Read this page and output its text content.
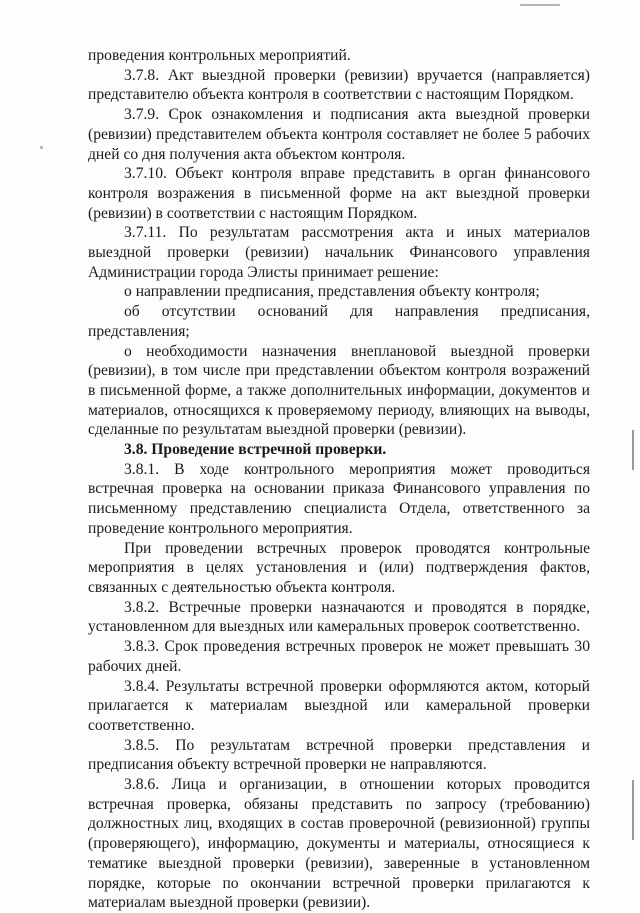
проведения контрольных мероприятий.

3.7.8. Акт выездной проверки (ревизии) вручается (направляется) представителю объекта контроля в соответствии с настоящим Порядком.

3.7.9. Срок ознакомления и подписания акта выездной проверки (ревизии) представителем объекта контроля составляет не более 5 рабочих дней со дня получения акта объектом контроля.

3.7.10. Объект контроля вправе представить в орган финансового контроля возражения в письменной форме на акт выездной проверки (ревизии) в соответствии с настоящим Порядком.

3.7.11. По результатам рассмотрения акта и иных материалов выездной проверки (ревизии) начальник Финансового управления Администрации города Элисты принимает решение:

о направлении предписания, представления объекту контроля;

об отсутствии оснований для направления предписания, представления;

о необходимости назначения внеплановой выездной проверки (ревизии), в том числе при представлении объектом контроля возражений в письменной форме, а также дополнительных информации, документов и материалов, относящихся к проверяемому периоду, влияющих на выводы, сделанные по результатам выездной проверки (ревизии).

3.8. Проведение встречной проверки.

3.8.1. В ходе контрольного мероприятия может проводиться встречная проверка на основании приказа Финансового управления по письменному представлению специалиста Отдела, ответственного за проведение контрольного мероприятия.

При проведении встречных проверок проводятся контрольные мероприятия в целях установления и (или) подтверждения фактов, связанных с деятельностью объекта контроля.

3.8.2. Встречные проверки назначаются и проводятся в порядке, установленном для выездных или камеральных проверок соответственно.

3.8.3. Срок проведения встречных проверок не может превышать 30 рабочих дней.

3.8.4. Результаты встречной проверки оформляются актом, который прилагается к материалам выездной или камеральной проверки соответственно.

3.8.5. По результатам встречной проверки представления и предписания объекту встречной проверки не направляются.

3.8.6. Лица и организации, в отношении которых проводится встречная проверка, обязаны представить по запросу (требованию) должностных лиц, входящих в состав проверочной (ревизионной) группы (проверяющего), информацию, документы и материалы, относящиеся к тематике выездной проверки (ревизии), заверенные в установленном порядке, которые по окончании встречной проверки прилагаются к материалам выездной проверки (ревизии).
